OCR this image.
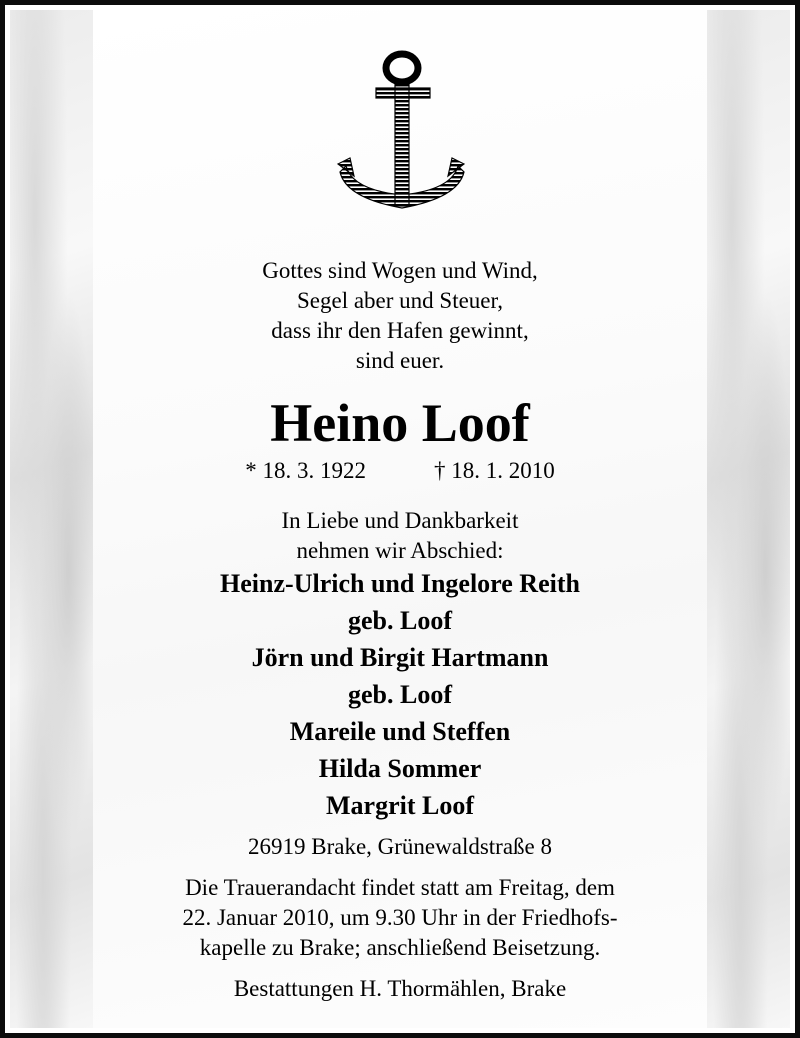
Gottes sind Wogen und Wind,
Segel aber und Steuer,
dass ihr den Hafen gewinnt,
sind euer.
Heino Loof
* 18. 3. 1922	† 18. 1. 2010
In Liebe und Dankbarkeit
nehmen wir Abschied:
Heinz-Ulrich und Ingelore Reith
geb. Loof
Jörn und Birgit Hartmann
geb. Loof
Mareile und Steffen
Hilda Sommer
Margrit Loof
26919 Brake, Grünewaldstraße 8
Die Trauerandacht findet statt am Freitag, dem
22. Januar 2010, um 9.30 Uhr in der Friedhofs-
kapelle zu Brake; anschließend Beisetzung.
Bestattungen H. Thormählen, Brake
